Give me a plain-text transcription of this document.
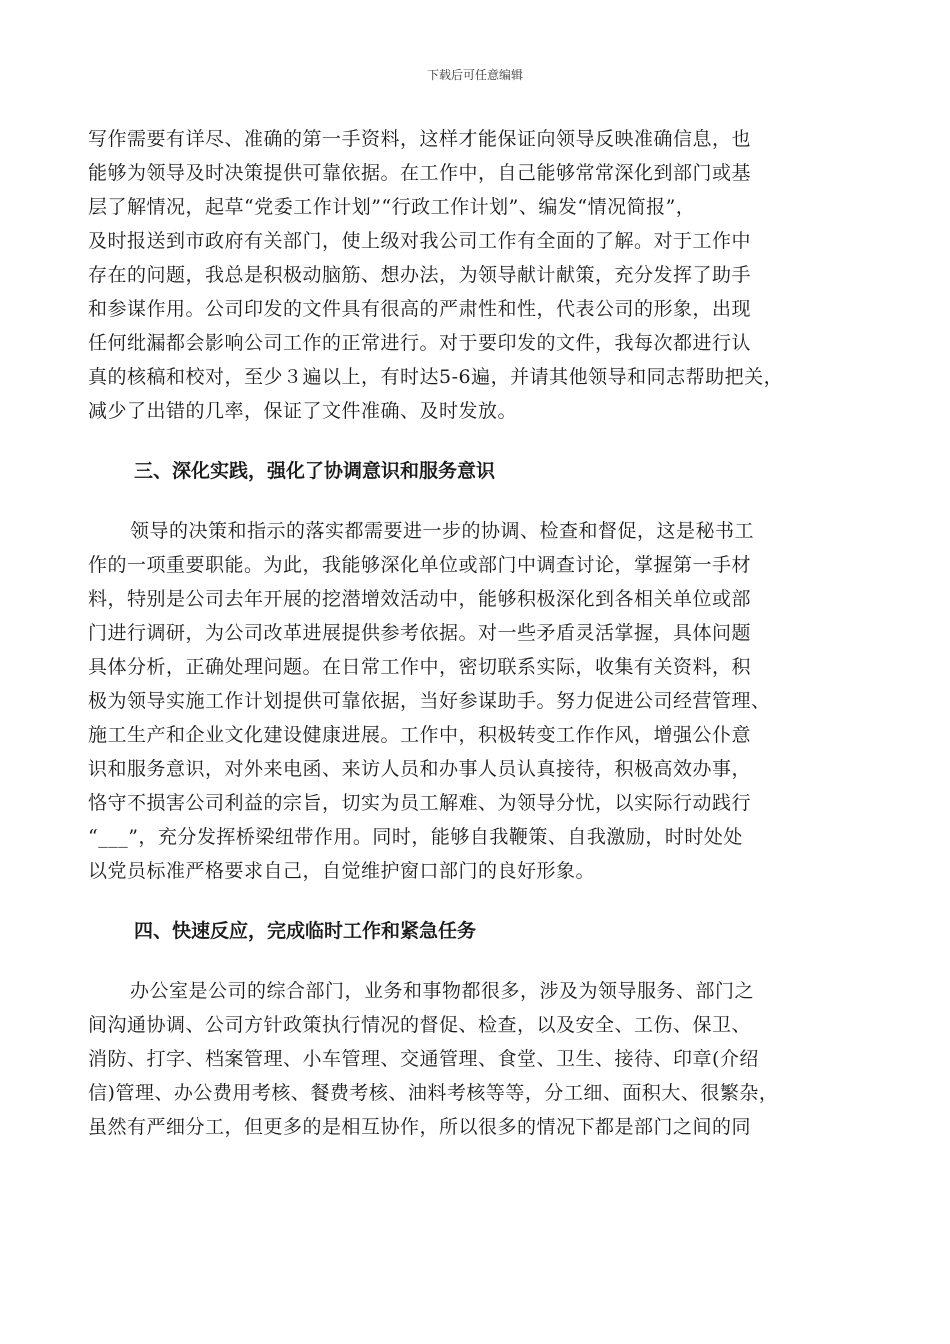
下载后可任意编辑
写作需要有详尽、准确的第一手资料，这样才能保证向领导反映准确信息，也
能够为领导及时决策提供可靠依据。在工作中，自己能够常常深化到部门或基
层了解情况，起草“党委工作计划”“行政工作计划”、编发“情况简报”，
及时报送到市政府有关部门，使上级对我公司工作有全面的了解。对于工作中
存在的问题，我总是积极动脑筋、想办法，为领导献计献策，充分发挥了助手
和参谋作用。公司印发的文件具有很高的严肃性和性，代表公司的形象，出现
任何纰漏都会影响公司工作的正常进行。对于要印发的文件，我每次都进行认
真的核稿和校对，至少３遍以上，有时达5-6遍，并请其他领导和同志帮助把关，
减少了出错的几率，保证了文件准确、及时发放。
三、深化实践，强化了协调意识和服务意识
领导的决策和指示的落实都需要进一步的协调、检查和督促，这是秘书工
作的一项重要职能。为此，我能够深化单位或部门中调查讨论，掌握第一手材
料，特别是公司去年开展的挖潜增效活动中，能够积极深化到各相关单位或部
门进行调研，为公司改革进展提供参考依据。对一些矛盾灵活掌握，具体问题
具体分析，正确处理问题。在日常工作中，密切联系实际，收集有关资料，积
极为领导实施工作计划提供可靠依据，当好参谋助手。努力促进公司经营管理、
施工生产和企业文化建设健康进展。工作中，积极转变工作作风，增强公仆意
识和服务意识，对外来电函、来访人员和办事人员认真接待，积极高效办事，
恪守不损害公司利益的宗旨，切实为员工解难、为领导分忧，以实际行动践行
“___”，充分发挥桥梁纽带作用。同时，能够自我鞭策、自我激励，时时处处
以党员标准严格要求自己，自觉维护窗口部门的良好形象。
四、快速反应，完成临时工作和紧急任务
办公室是公司的综合部门，业务和事物都很多，涉及为领导服务、部门之
间沟通协调、公司方针政策执行情况的督促、检查，以及安全、工伤、保卫、
消防、打字、档案管理、小车管理、交通管理、食堂、卫生、接待、印章(介绍
信)管理、办公费用考核、餐费考核、油料考核等等，分工细、面积大、很繁杂，
虽然有严细分工，但更多的是相互协作，所以很多的情况下都是部门之间的同
